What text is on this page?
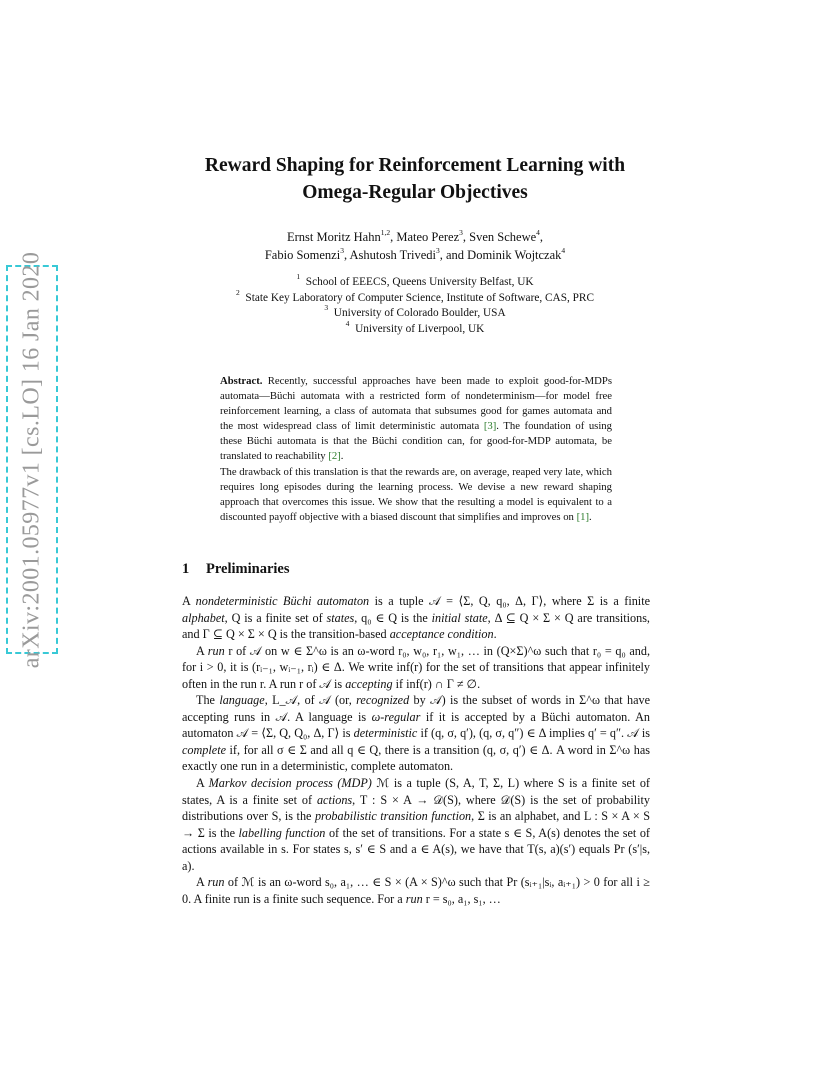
arXiv:2001.05977v1 [cs.LO] 16 Jan 2020
Reward Shaping for Reinforcement Learning with
Omega-Regular Objectives
Ernst Moritz Hahn$^{1,2}$, Mateo Perez$^3$, Sven Schewe$^4$,
Fabio Somenzi$^3$, Ashutosh Trivedi$^3$, and Dominik Wojtczak$^4$
$^1$ School of EEECS, Queens University Belfast, UK
$^2$ State Key Laboratory of Computer Science, Institute of Software, CAS, PRC
$^3$ University of Colorado Boulder, USA
$^4$ University of Liverpool, UK

Abstract. Recently, successful approaches have been made to exploit good-for-MDPs automata—Büchi automata with a restricted form of nondeterminism—for model free reinforcement learning, a class of automata that subsumes good for games automata and the most widespread class of limit deterministic automata [3]. The foundation of using these Büchi automata is that the Büchi condition can, for good-for-MDP automata, be translated to reachability [2].

The drawback of this translation is that the rewards are, on average, reaped very late, which requires long episodes during the learning process. We devise a new reward shaping approach that overcomes this issue. We show that the resulting a model is equivalent to a discounted payoff objective with a biased discount that simplifies and improves on [1].

1 Preliminaries

A nondeterministic Büchi automaton is a tuple 𝒜 = ⟨Σ, Q, q₀, Δ, Γ⟩, where Σ is a finite alphabet, Q is a finite set of states, q₀ ∈ Q is the initial state, Δ ⊆ Q × Σ × Q are transitions, and Γ ⊆ Q × Σ × Q is the transition-based acceptance condition.

A run r of 𝒜 on w ∈ Σ^ω is an ω-word r₀, w₀, r₁, w₁, … in (Q×Σ)^ω such that r₀ = q₀ and, for i > 0, it is (rᵢ₋₁, wᵢ₋₁, rᵢ) ∈ Δ. We write inf(r) for the set of transitions that appear infinitely often in the run r. A run r of 𝒜 is accepting if inf(r) ∩ Γ ≠ ∅.

The language, L_𝒜, of 𝒜 (or, recognized by 𝒜) is the subset of words in Σ^ω that have accepting runs in 𝒜. A language is ω-regular if it is accepted by a Büchi automaton. An automaton 𝒜 = ⟨Σ, Q, Q₀, Δ, Γ⟩ is deterministic if (q, σ, q′), (q, σ, q″) ∈ Δ implies q′ = q″. 𝒜 is complete if, for all σ ∈ Σ and all q ∈ Q, there is a transition (q, σ, q′) ∈ Δ. A word in Σ^ω has exactly one run in a deterministic, complete automaton.

A Markov decision process (MDP) ℳ is a tuple (S, A, T, Σ, L) where S is a finite set of states, A is a finite set of actions, T : S × A → 𝒟(S), where 𝒟(S) is the set of probability distributions over S, is the probabilistic transition function, Σ is an alphabet, and L : S × A × S → Σ is the labelling function of the set of transitions. For a state s ∈ S, A(s) denotes the set of actions available in s. For states s, s′ ∈ S and a ∈ A(s), we have that T(s, a)(s′) equals Pr (s′|s, a).

A run of ℳ is an ω-word s₀, a₁, … ∈ S × (A × S)^ω such that Pr (sᵢ₊₁|sᵢ, aᵢ₊₁) > 0 for all i ≥ 0. A finite run is a finite such sequence. For a run r = s₀, a₁, s₁, …
